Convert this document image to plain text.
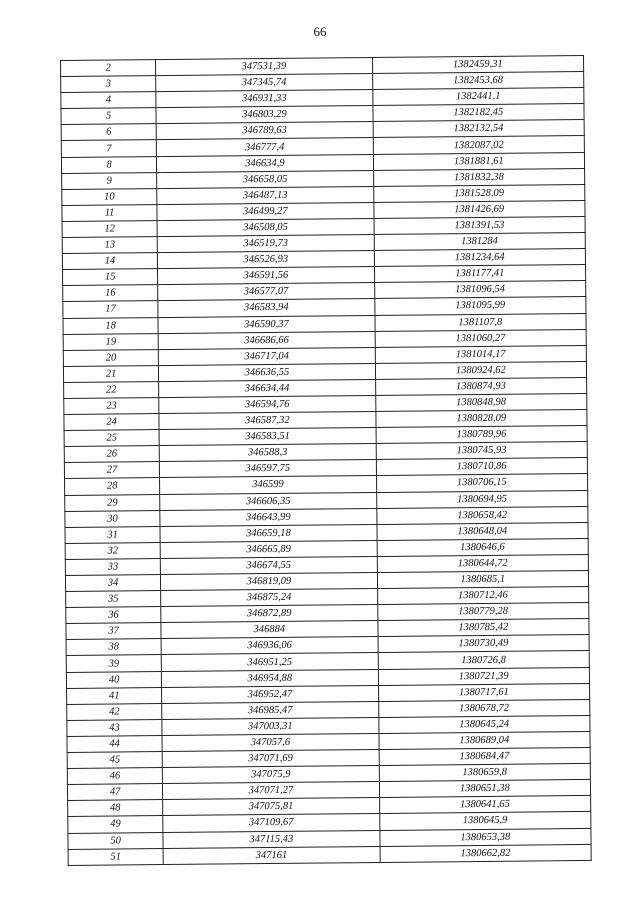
66
2	347531,39	1382459,31
3	347345,74	1382453,68
4	346931,33	1382441,1
5	346803,29	1382182,45
6	346789,63	1382132,54
7	346777,4	1382087,02
8	346634,9	1381881,61
9	346658,05	1381832,38
10	346487,13	1381528,09
11	346499,27	1381426,69
12	346508,05	1381391,53
13	346519,73	1381284
14	346526,93	1381234,64
15	346591,56	1381177,41
16	346577,07	1381096,54
17	346583,94	1381095,99
18	346590,37	1381107,8
19	346686,66	1381060,27
20	346717,04	1381014,17
21	346636,55	1380924,62
22	346634,44	1380874,93
23	346594,76	1380848,98
24	346587,32	1380828,09
25	346583,51	1380789,96
26	346588,3	1380745,93
27	346597,75	1380710,86
28	346599	1380706,15
29	346606,35	1380694,95
30	346643,99	1380658,42
31	346659,18	1380648,04
32	346665,89	1380646,6
33	346674,55	1380644,72
34	346819,09	1380685,1
35	346875,24	1380712,46
36	346872,89	1380779,28
37	346884	1380785,42
38	346936,06	1380730,49
39	346951,25	1380726,8
40	346954,88	1380721,39
41	346952,47	1380717,61
42	346985,47	1380678,72
43	347003,31	1380645,24
44	347057,6	1380689,04
45	347071,69	1380684,47
46	347075,9	1380659,8
47	347071,27	1380651,38
48	347075,81	1380641,65
49	347109,67	1380645,9
50	347115,43	1380653,38
51	347161	1380662,82
